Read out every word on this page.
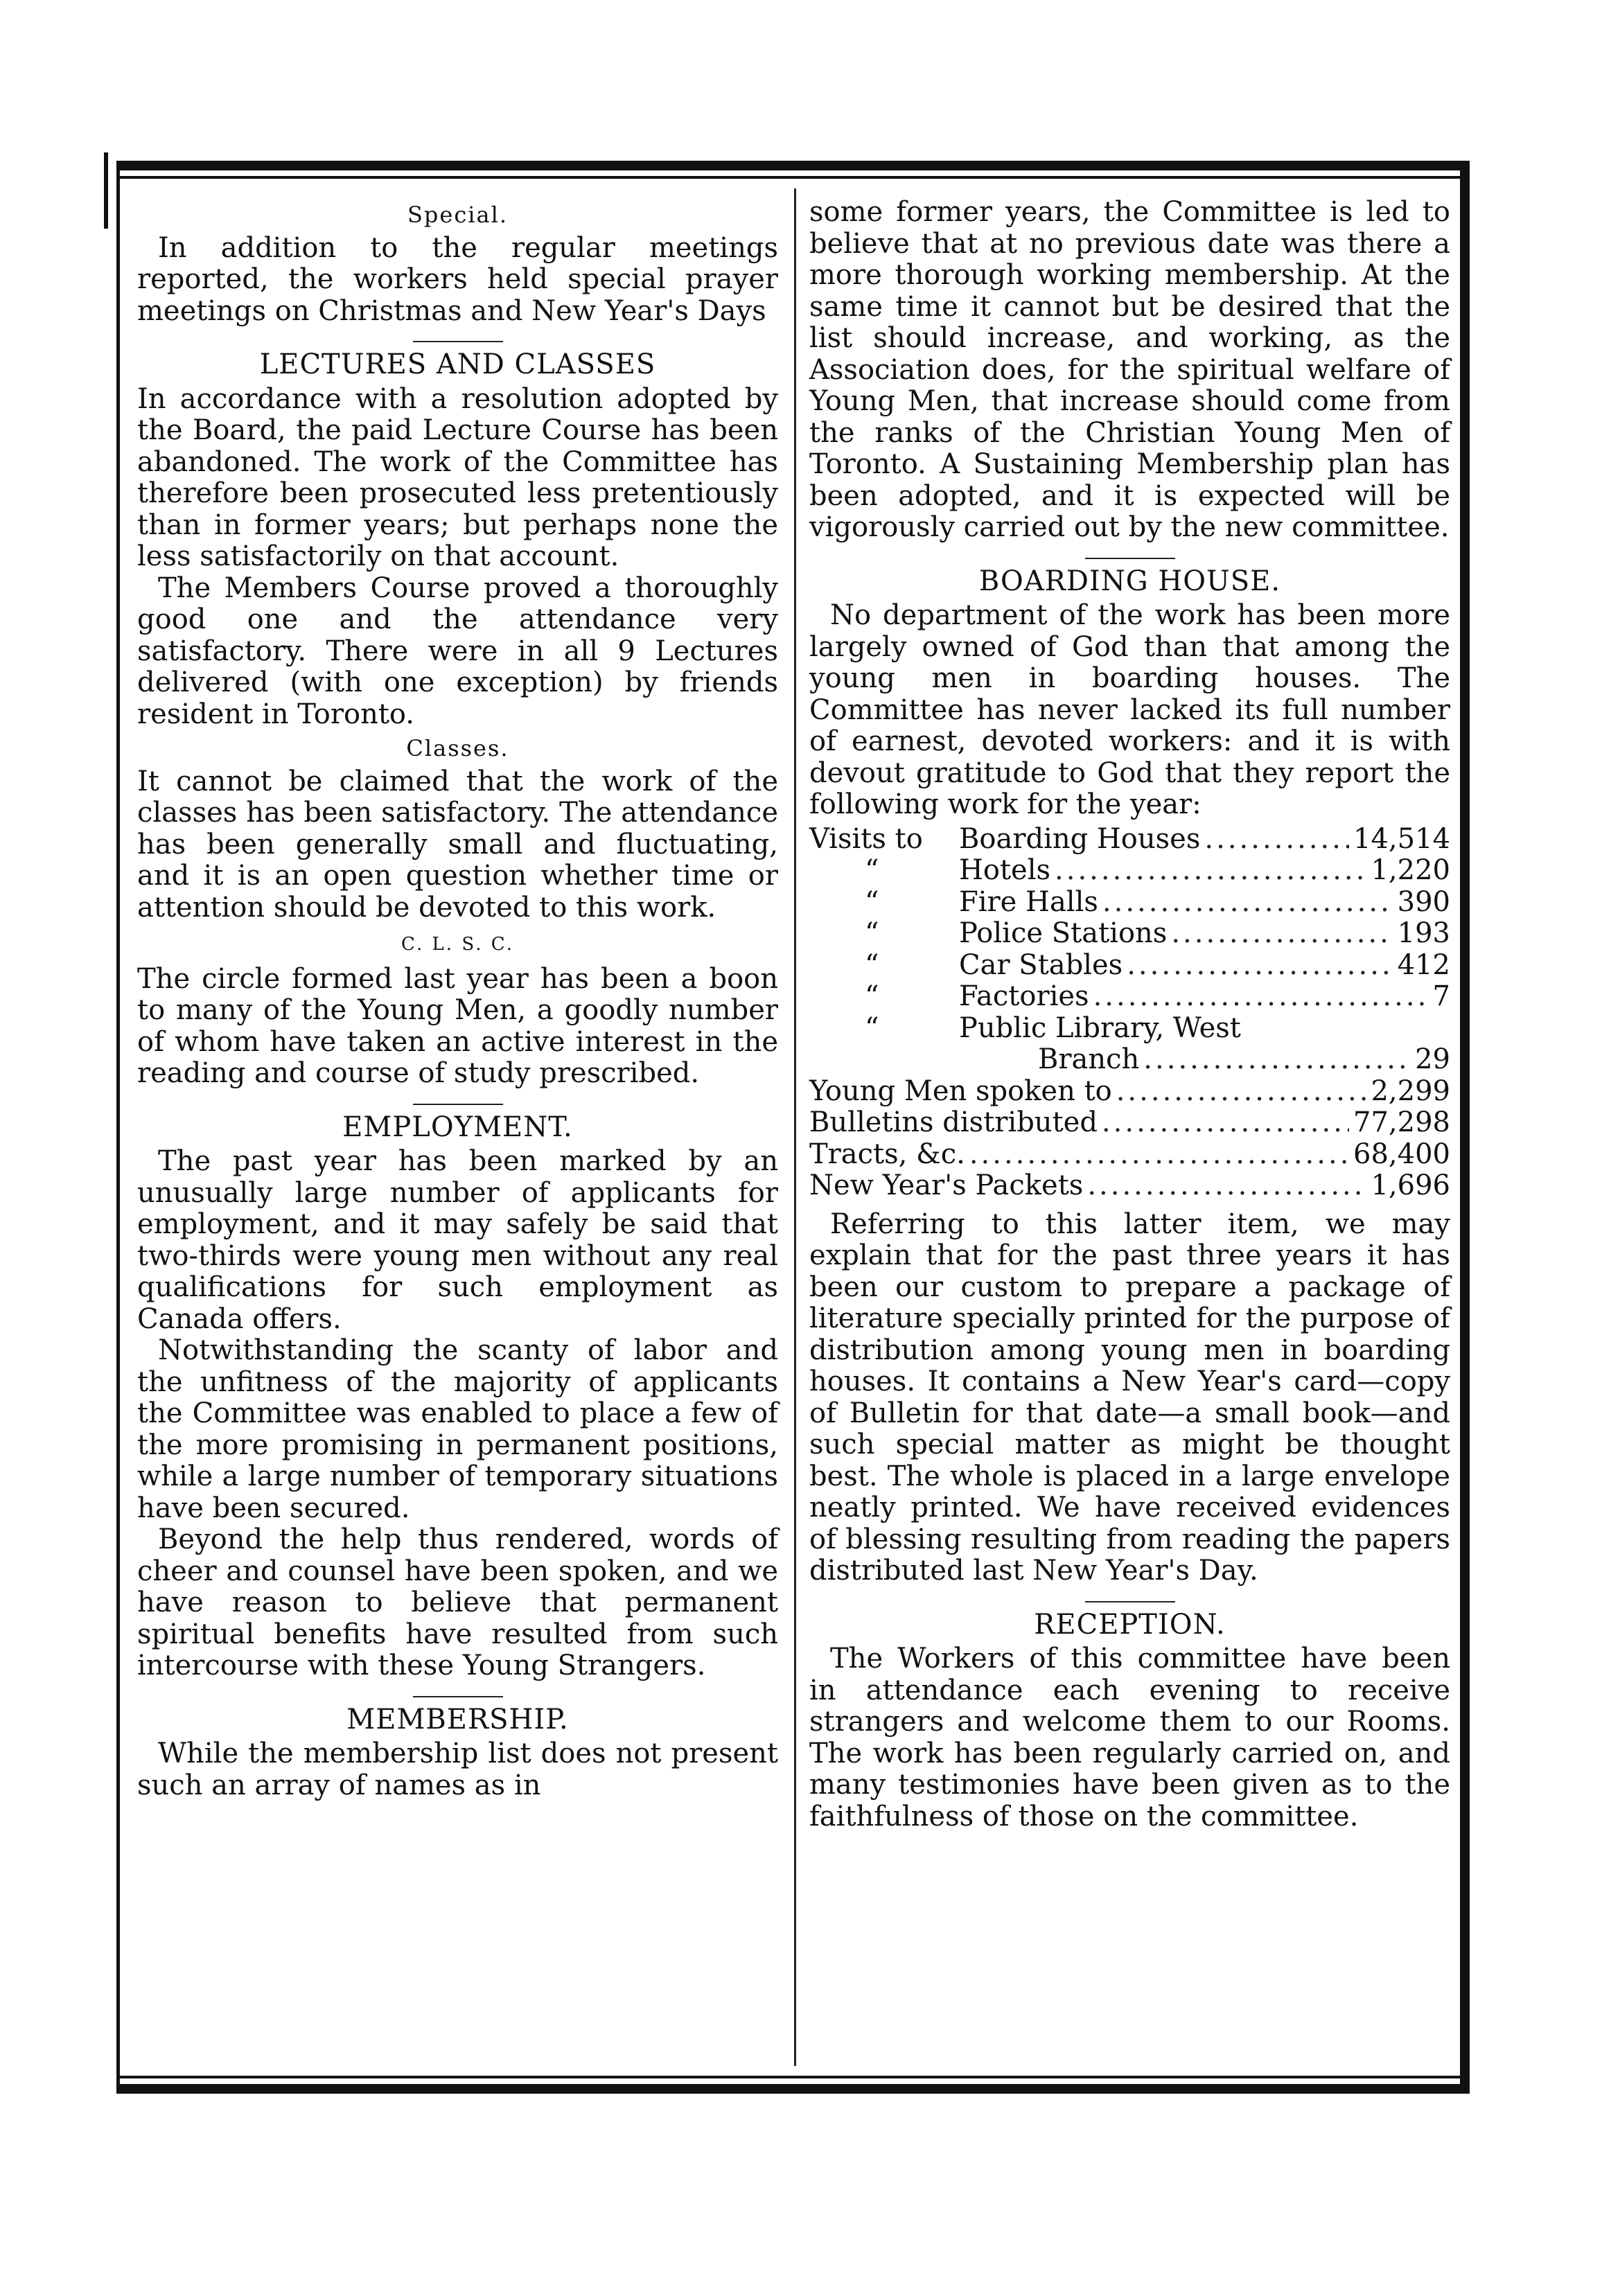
Special.

In addition to the regular meetings reported, the workers held special prayer meetings on Christmas and New Year's Days

LECTURES AND CLASSES

In accordance with a resolution adopted by the Board, the paid Lecture Course has been abandoned. The work of the Committee has therefore been prosecuted less pretentiously than in former years; but perhaps none the less satisfactorily on that account.

The Members Course proved a thoroughly good one and the attendance very satisfactory. There were in all 9 Lectures delivered (with one exception) by friends resident in Toronto.

Classes.

It cannot be claimed that the work of the classes has been satisfactory. The attendance has been generally small and fluctuating, and it is an open question whether time or attention should be devoted to this work.

C. L. S. C.

The circle formed last year has been a boon to many of the Young Men, a goodly number of whom have taken an active interest in the reading and course of study prescribed.

EMPLOYMENT.

The past year has been marked by an unusually large number of applicants for employment, and it may safely be said that two-thirds were young men without any real qualifications for such employment as Canada offers.

Notwithstanding the scanty of labor and the unfitness of the majority of applicants the Committee was enabled to place a few of the more promising in permanent positions, while a large number of temporary situations have been secured.

Beyond the help thus rendered, words of cheer and counsel have been spoken, and we have reason to believe that permanent spiritual benefits have resulted from such intercourse with these Young Strangers.

MEMBERSHIP.

While the membership list does not present such an array of names as in

some former years, the Committee is led to believe that at no previous date was there a more thorough working membership. At the same time it cannot but be desired that the list should increase, and working, as the Association does, for the spiritual welfare of Young Men, that increase should come from the ranks of the Christian Young Men of Toronto. A Sustaining Membership plan has been adopted, and it is expected will be vigorously carried out by the new committee.

BOARDING HOUSE.

No department of the work has been more largely owned of God than that among the young men in boarding houses. The Committee has never lacked its full number of earnest, devoted workers: and it is with devout gratitude to God that they report the following work for the year:

Visits to	Boarding Houses .....	14,514
“	Hotels .....	1,220
“	Fire Halls .....	390
“	Police Stations .....	193
“	Car Stables .....	412
“	Factories .....	7
“	Public Library, West
Branch .....	29
Young Men spoken to .....	2,299
Bulletins distributed .....	77,298
Tracts, &c. .....	68,400
New Year's Packets .....	1,696

Referring to this latter item, we may explain that for the past three years it has been our custom to prepare a package of literature specially printed for the purpose of distribution among young men in boarding houses. It contains a New Year's card—copy of Bulletin for that date—a small book—and such special matter as might be thought best. The whole is placed in a large envelope neatly printed. We have received evidences of blessing resulting from reading the papers distributed last New Year's Day.

RECEPTION.

The Workers of this committee have been in attendance each evening to receive strangers and welcome them to our Rooms. The work has been regularly carried on, and many testimonies have been given as to the faithfulness of those on the committee.
